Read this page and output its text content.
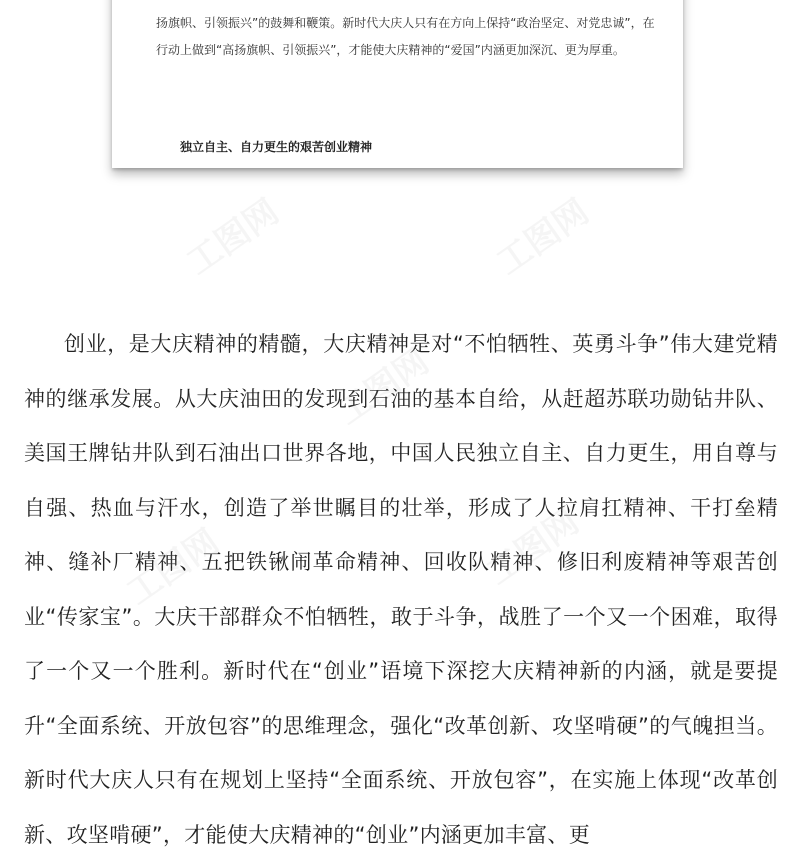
扬旗帜、引领振兴”的鼓舞和鞭策。新时代大庆人只有在方向上保持“政治坚定、对党忠诚”，在行动上做到“高扬旗帜、引领振兴”，才能使大庆精神的“爱国”内涵更加深沉、更为厚重。

独立自主、自力更生的艰苦创业精神

创业，是大庆精神的精髓，大庆精神是对“不怕牺牲、英勇斗争”伟大建党精神的继承发展。从大庆油田的发现到石油的基本自给，从赶超苏联功勋钻井队、美国王牌钻井队到石油出口世界各地，中国人民独立自主、自力更生，用自尊与自强、热血与汗水，创造了举世瞩目的壮举，形成了人拉肩扛精神、干打垒精神、缝补厂精神、五把铁锹闹革命精神、回收队精神、修旧利废精神等艰苦创业“传家宝”。大庆干部群众不怕牺牲，敢于斗争，战胜了一个又一个困难，取得了一个又一个胜利。新时代在“创业”语境下深挖大庆精神新的内涵，就是要提升“全面系统、开放包容”的思维理念，强化“改革创新、攻坚啃硬”的气魄担当。新时代大庆人只有在规划上坚持“全面系统、开放包容”，在实施上体现“改革创新、攻坚啃硬”，才能使大庆精神的“创业”内涵更加丰富、更

工图网	工图网
工图网
工图网	工图网
